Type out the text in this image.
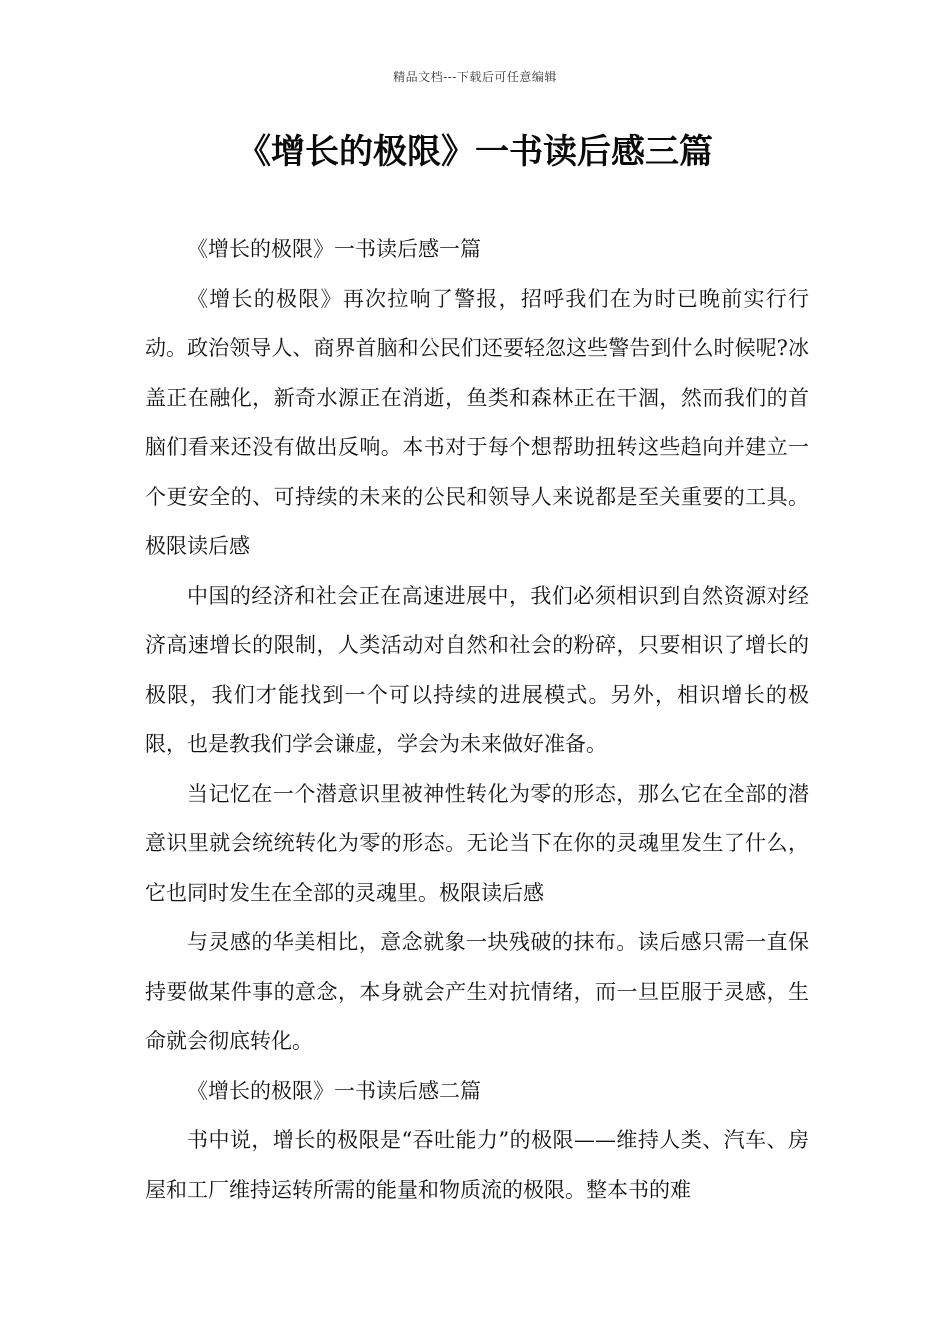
精品文档---下载后可任意编辑
《增长的极限》一书读后感三篇

《增长的极限》一书读后感一篇

《增长的极限》再次拉响了警报，招呼我们在为时已晚前实行行动。政治领导人、商界首脑和公民们还要轻忽这些警告到什么时候呢?冰盖正在融化，新奇水源正在消逝，鱼类和森林正在干涸，然而我们的首脑们看来还没有做出反响。本书对于每个想帮助扭转这些趋向并建立一个更安全的、可持续的未来的公民和领导人来说都是至关重要的工具。极限读后感

中国的经济和社会正在高速进展中，我们必须相识到自然资源对经济高速增长的限制，人类活动对自然和社会的粉碎，只要相识了增长的极限，我们才能找到一个可以持续的进展模式。另外，相识增长的极限，也是教我们学会谦虚，学会为未来做好准备。

当记忆在一个潜意识里被神性转化为零的形态，那么它在全部的潜意识里就会统统转化为零的形态。无论当下在你的灵魂里发生了什么，它也同时发生在全部的灵魂里。极限读后感

与灵感的华美相比，意念就象一块残破的抹布。读后感只需一直保持要做某件事的意念，本身就会产生对抗情绪，而一旦臣服于灵感，生命就会彻底转化。

《增长的极限》一书读后感二篇

书中说，增长的极限是“吞吐能力”的极限——维持人类、汽车、房屋和工厂维持运转所需的能量和物质流的极限。整本书的难
